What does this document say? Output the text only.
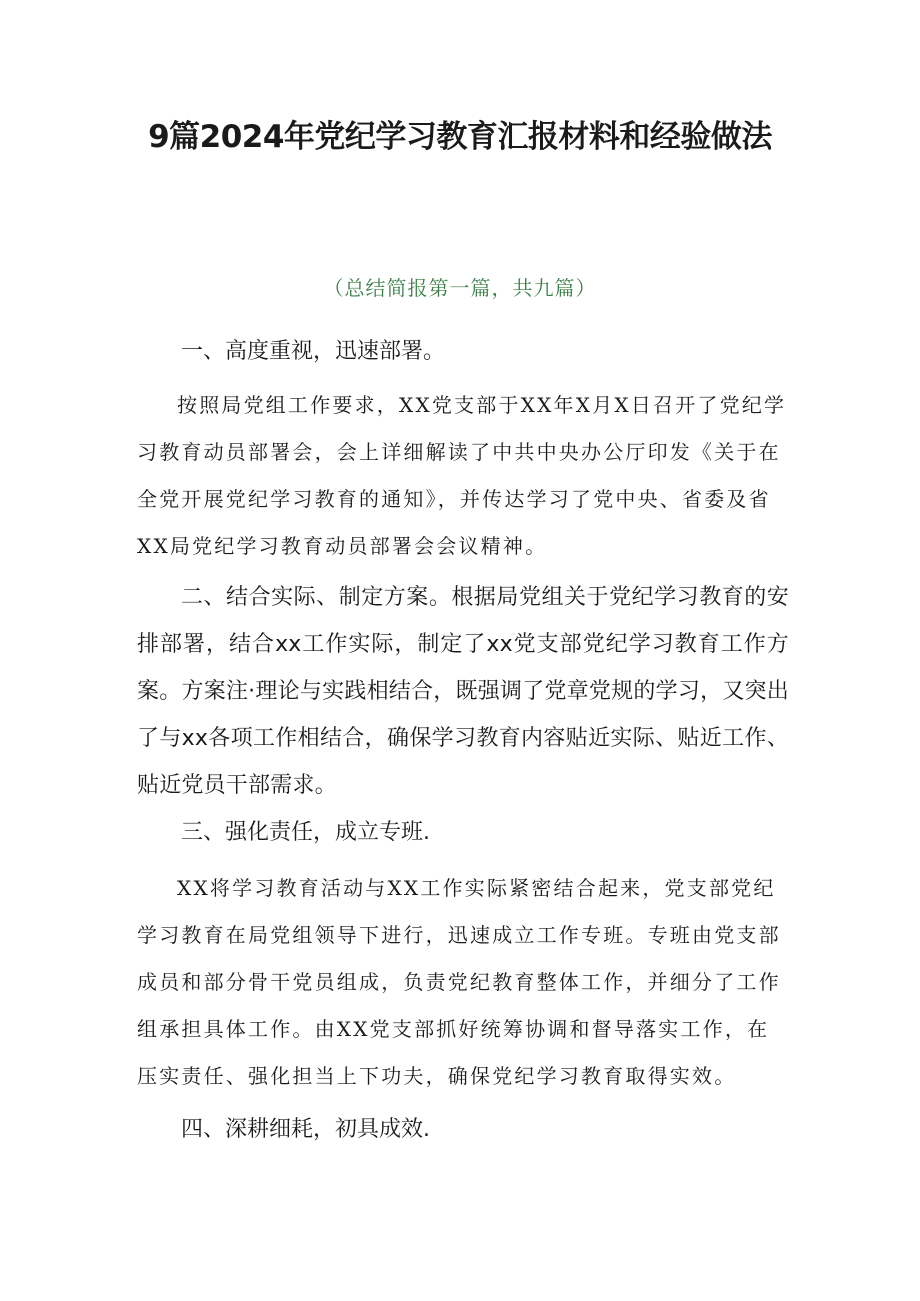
9篇2024年党纪学习教育汇报材料和经验做法
（总结简报第一篇，共九篇）

一、高度重视，迅速部署。

按照局党组工作要求，XX党支部于XX年X月X日召开了党纪学习教育动员部署会，会上详细解读了中共中央办公厅印发《关于在全党开展党纪学习教育的通知》，并传达学习了党中央、省委及省XX局党纪学习教育动员部署会会议精神。

二、结合实际、制定方案。根据局党组关于党纪学习教育的安排部署，结合xx工作实际，制定了xx党支部党纪学习教育工作方案。方案注·理论与实践相结合，既强调了党章党规的学习，又突出了与xx各项工作相结合，确保学习教育内容贴近实际、贴近工作、贴近党员干部需求。

三、强化责任，成立专班.

XX将学习教育活动与XX工作实际紧密结合起来，党支部党纪学习教育在局党组领导下进行，迅速成立工作专班。专班由党支部成员和部分骨干党员组成，负责党纪教育整体工作，并细分了工作组承担具体工作。由XX党支部抓好统筹协调和督导落实工作，在压实责任、强化担当上下功夫，确保党纪学习教育取得实效。

四、深耕细耗，初具成效.
